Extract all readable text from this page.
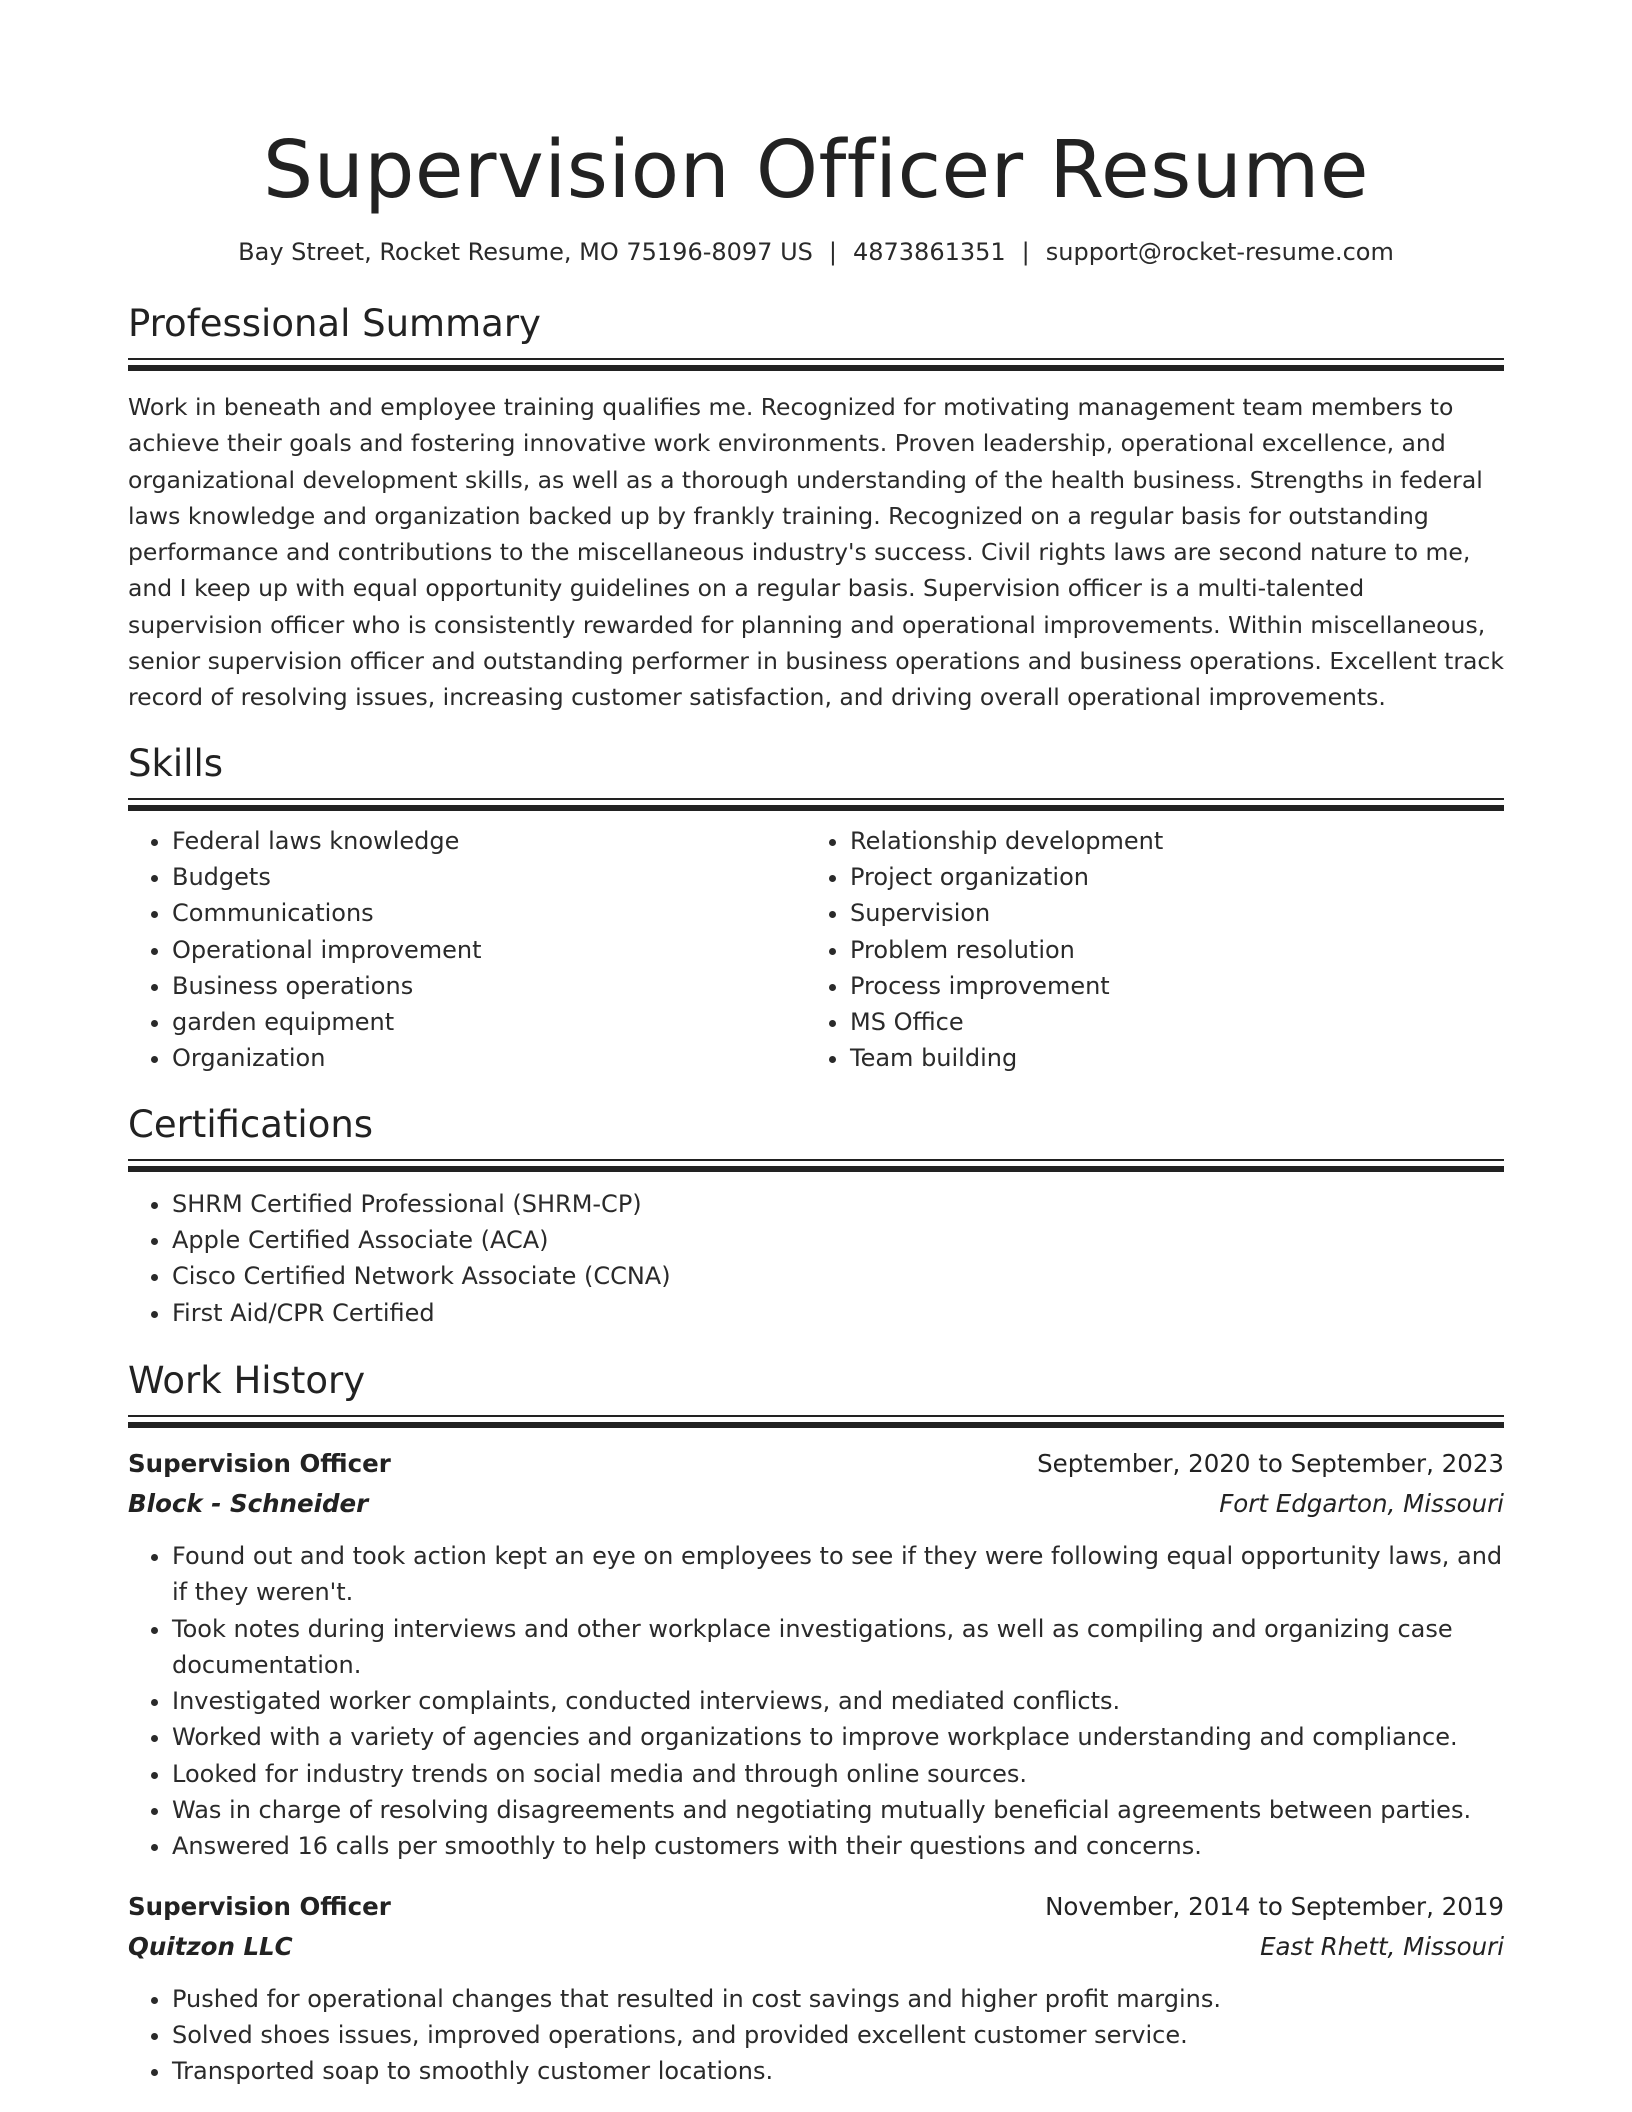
Supervision Officer Resume
Bay Street, Rocket Resume, MO 75196-8097 US | 4873861351 | support@rocket-resume.com
Professional Summary
Work in beneath and employee training qualifies me. Recognized for motivating management team members to achieve their goals and fostering innovative work environments. Proven leadership, operational excellence, and organizational development skills, as well as a thorough understanding of the health business. Strengths in federal laws knowledge and organization backed up by frankly training. Recognized on a regular basis for outstanding performance and contributions to the miscellaneous industry's success. Civil rights laws are second nature to me, and I keep up with equal opportunity guidelines on a regular basis. Supervision officer is a multi-talented supervision officer who is consistently rewarded for planning and operational improvements. Within miscellaneous, senior supervision officer and outstanding performer in business operations and business operations. Excellent track record of resolving issues, increasing customer satisfaction, and driving overall operational improvements.
Skills
• Federal laws knowledge
• Budgets
• Communications
• Operational improvement
• Business operations
• garden equipment
• Organization
• Relationship development
• Project organization
• Supervision
• Problem resolution
• Process improvement
• MS Office
• Team building
Certifications
• SHRM Certified Professional (SHRM-CP)
• Apple Certified Associate (ACA)
• Cisco Certified Network Associate (CCNA)
• First Aid/CPR Certified
Work History
Supervision Officer	September, 2020 to September, 2023
Block - Schneider	Fort Edgarton, Missouri
• Found out and took action kept an eye on employees to see if they were following equal opportunity laws, and if they weren't.
• Took notes during interviews and other workplace investigations, as well as compiling and organizing case documentation.
• Investigated worker complaints, conducted interviews, and mediated conflicts.
• Worked with a variety of agencies and organizations to improve workplace understanding and compliance.
• Looked for industry trends on social media and through online sources.
• Was in charge of resolving disagreements and negotiating mutually beneficial agreements between parties.
• Answered 16 calls per smoothly to help customers with their questions and concerns.
Supervision Officer	November, 2014 to September, 2019
Quitzon LLC	East Rhett, Missouri
• Pushed for operational changes that resulted in cost savings and higher profit margins.
• Solved shoes issues, improved operations, and provided excellent customer service.
• Transported soap to smoothly customer locations.
